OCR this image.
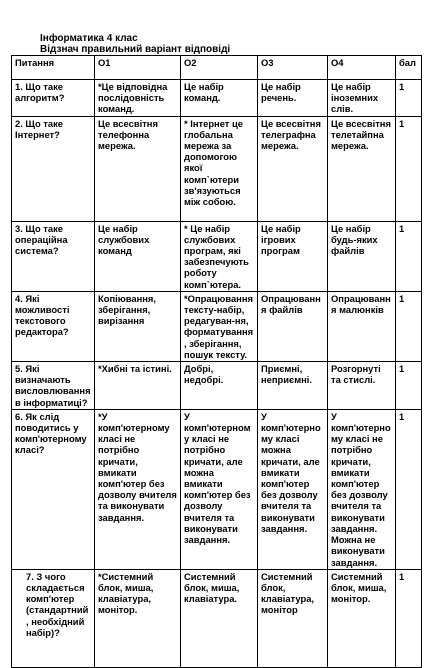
Інформатика 4 клас
Відзнач правильний варіант відповіді
Питання	О1	О2	О3	О4	бал
1. Що таке алгоритм?	*Це відповідна послідовність команд.	Це набір команд.	Це набір речень.	Це набір іноземних слів.	1
2. Що таке Інтернет?	Це всесвітня телефонна мережа.	* Інтернет це глобальна мережа за допомогою якої комп`ютери зв'язуються між собою.	Це всесвітня телеграфна мережа.	Це всесвітня телетайпна мережа.	1
3. Що таке операційна система?	Це набір службових команд	* Це набір службових програм, які забезпечують роботу комп`ютера.	Це набір ігрових програм	Це набір будь-яких файлів	1
4. Які можливості текстового редактора?	Копіювання, зберігання, вирізання	*Опрацювання тексту-набір, редагуван-ня, форматування, зберігання, пошук тексту.	Опрацювання файлів	Опрацювання малюнків	1
5. Які визначають висловлювання в інформатиці?	*Хибні та істині.	Добрі, недобрі.	Приємні, неприємні.	Розгорнуті та стислі.	1
6. Як слід поводитись у комп'ютерному класі?	*У комп'ютерному класі не потрібно кричати, вмикати комп'ютер без дозволу вчителя та виконувати завдання.	У комп'ютерному класі не потрібно кричати, але можна вмикати комп'ютер без дозволу вчителя та виконувати завдання.	У комп'ютерному класі можна кричати, але вмикати комп'ютер без дозволу вчителя та виконувати завдання.	У комп'ютерному класі не потрібно кричати, вмикати комп'ютер без дозволу вчителя та виконувати завдання. Можна не виконувати завдання.	1
7. З чого складається комп'ютер (стандартний , необхідний набір)?	*Системний блок, миша, клавіатура, монітор.	Системний блок, миша, клавіатура.	Системний блок, клавіатура, монітор	Системний блок, миша, монітор.	1
